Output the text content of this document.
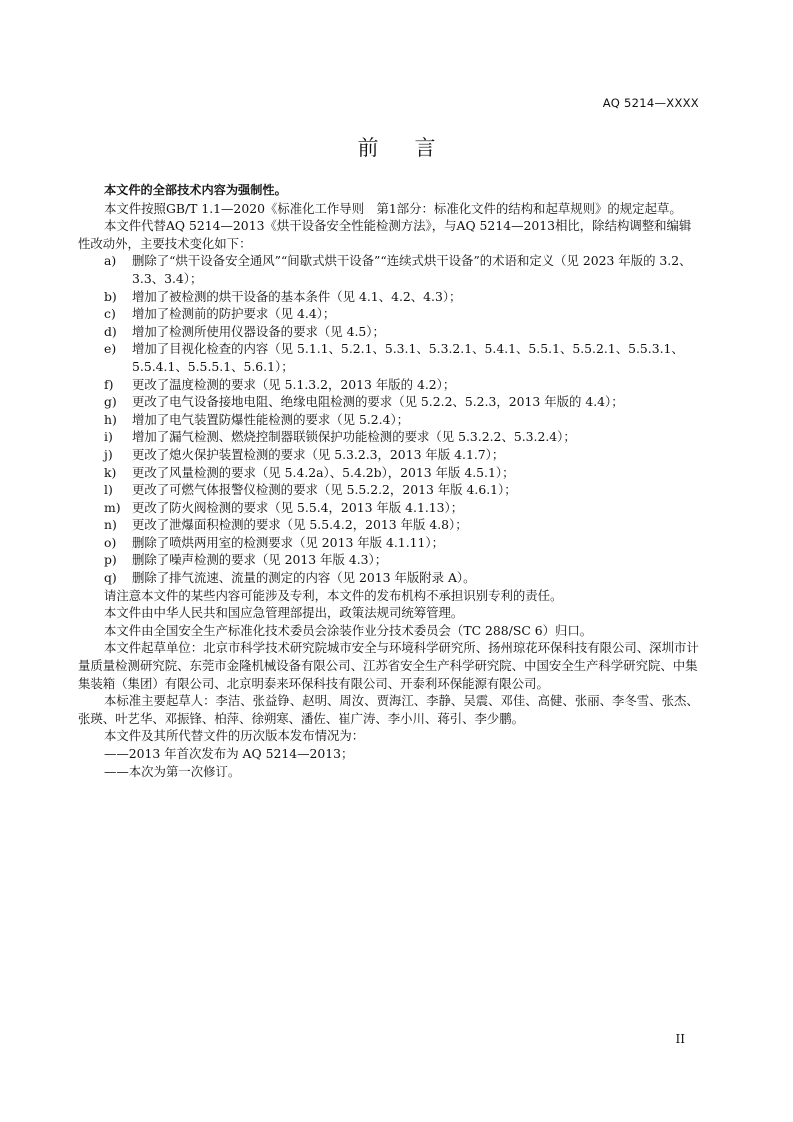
AQ 5214—XXXX
前言

本文件的全部技术内容为强制性。

本文件按照GB/T 1.1—2020《标准化工作导则　第1部分：标准化文件的结构和起草规则》的规定起草。

本文件代替AQ 5214—2013《烘干设备安全性能检测方法》，与AQ 5214—2013相比，除结构调整和编辑性改动外，主要技术变化如下：

a)	删除了“烘干设备安全通风”“间歇式烘干设备”“连续式烘干设备”的术语和定义（见 2023 年版的 3.2、3.3、3.4）；
b)	增加了被检测的烘干设备的基本条件（见 4.1、4.2、4.3）；
c)	增加了检测前的防护要求（见 4.4）；
d)	增加了检测所使用仪器设备的要求（见 4.5）；
e)	增加了目视化检查的内容（见 5.1.1、5.2.1、5.3.1、5.3.2.1、5.4.1、5.5.1、5.5.2.1、5.5.3.1、5.5.4.1、5.5.5.1、5.6.1）；
f)	更改了温度检测的要求（见 5.1.3.2，2013 年版的 4.2）；
g)	更改了电气设备接地电阻、绝缘电阻检测的要求（见 5.2.2、5.2.3，2013 年版的 4.4）；
h)	增加了电气装置防爆性能检测的要求（见 5.2.4）；
i)	增加了漏气检测、燃烧控制器联锁保护功能检测的要求（见 5.3.2.2、5.3.2.4）；
j)	更改了熄火保护装置检测的要求（见 5.3.2.3，2013 年版 4.1.7）；
k)	更改了风量检测的要求（见 5.4.2a）、5.4.2b），2013 年版 4.5.1）；
l)	更改了可燃气体报警仪检测的要求（见 5.5.2.2，2013 年版 4.6.1）；
m) 更改了防火阀检测的要求（见 5.5.4，2013 年版 4.1.13）；
n)	更改了泄爆面积检测的要求（见 5.5.4.2，2013 年版 4.8）；
o)	删除了喷烘两用室的检测要求（见 2013 年版 4.1.11）；
p)	删除了噪声检测的要求（见 2013 年版 4.3）；
q)	删除了排气流速、流量的测定的内容（见 2013 年版附录 A）。

请注意本文件的某些内容可能涉及专利，本文件的发布机构不承担识别专利的责任。

本文件由中华人民共和国应急管理部提出，政策法规司统筹管理。

本文件由全国安全生产标准化技术委员会涂装作业分技术委员会（TC 288/SC 6）归口。

本文件起草单位：北京市科学技术研究院城市安全与环境科学研究所、扬州琼花环保科技有限公司、深圳市计量质量检测研究院、东莞市金隆机械设备有限公司、江苏省安全生产科学研究院、中国安全生产科学研究院、中集集装箱（集团）有限公司、北京明泰来环保科技有限公司、开泰利环保能源有限公司。

本标准主要起草人：李洁、张益铮、赵明、周汝、贾海江、李静、吴震、邓佳、高健、张丽、李冬雪、张杰、张瑛、叶艺华、邓振锋、柏萍、徐朔寒、潘佐、崔广涛、李小川、蒋引、李少鹏。

本文件及其所代替文件的历次版本发布情况为：

——2013 年首次发布为 AQ 5214—2013；

——本次为第一次修订。

II
